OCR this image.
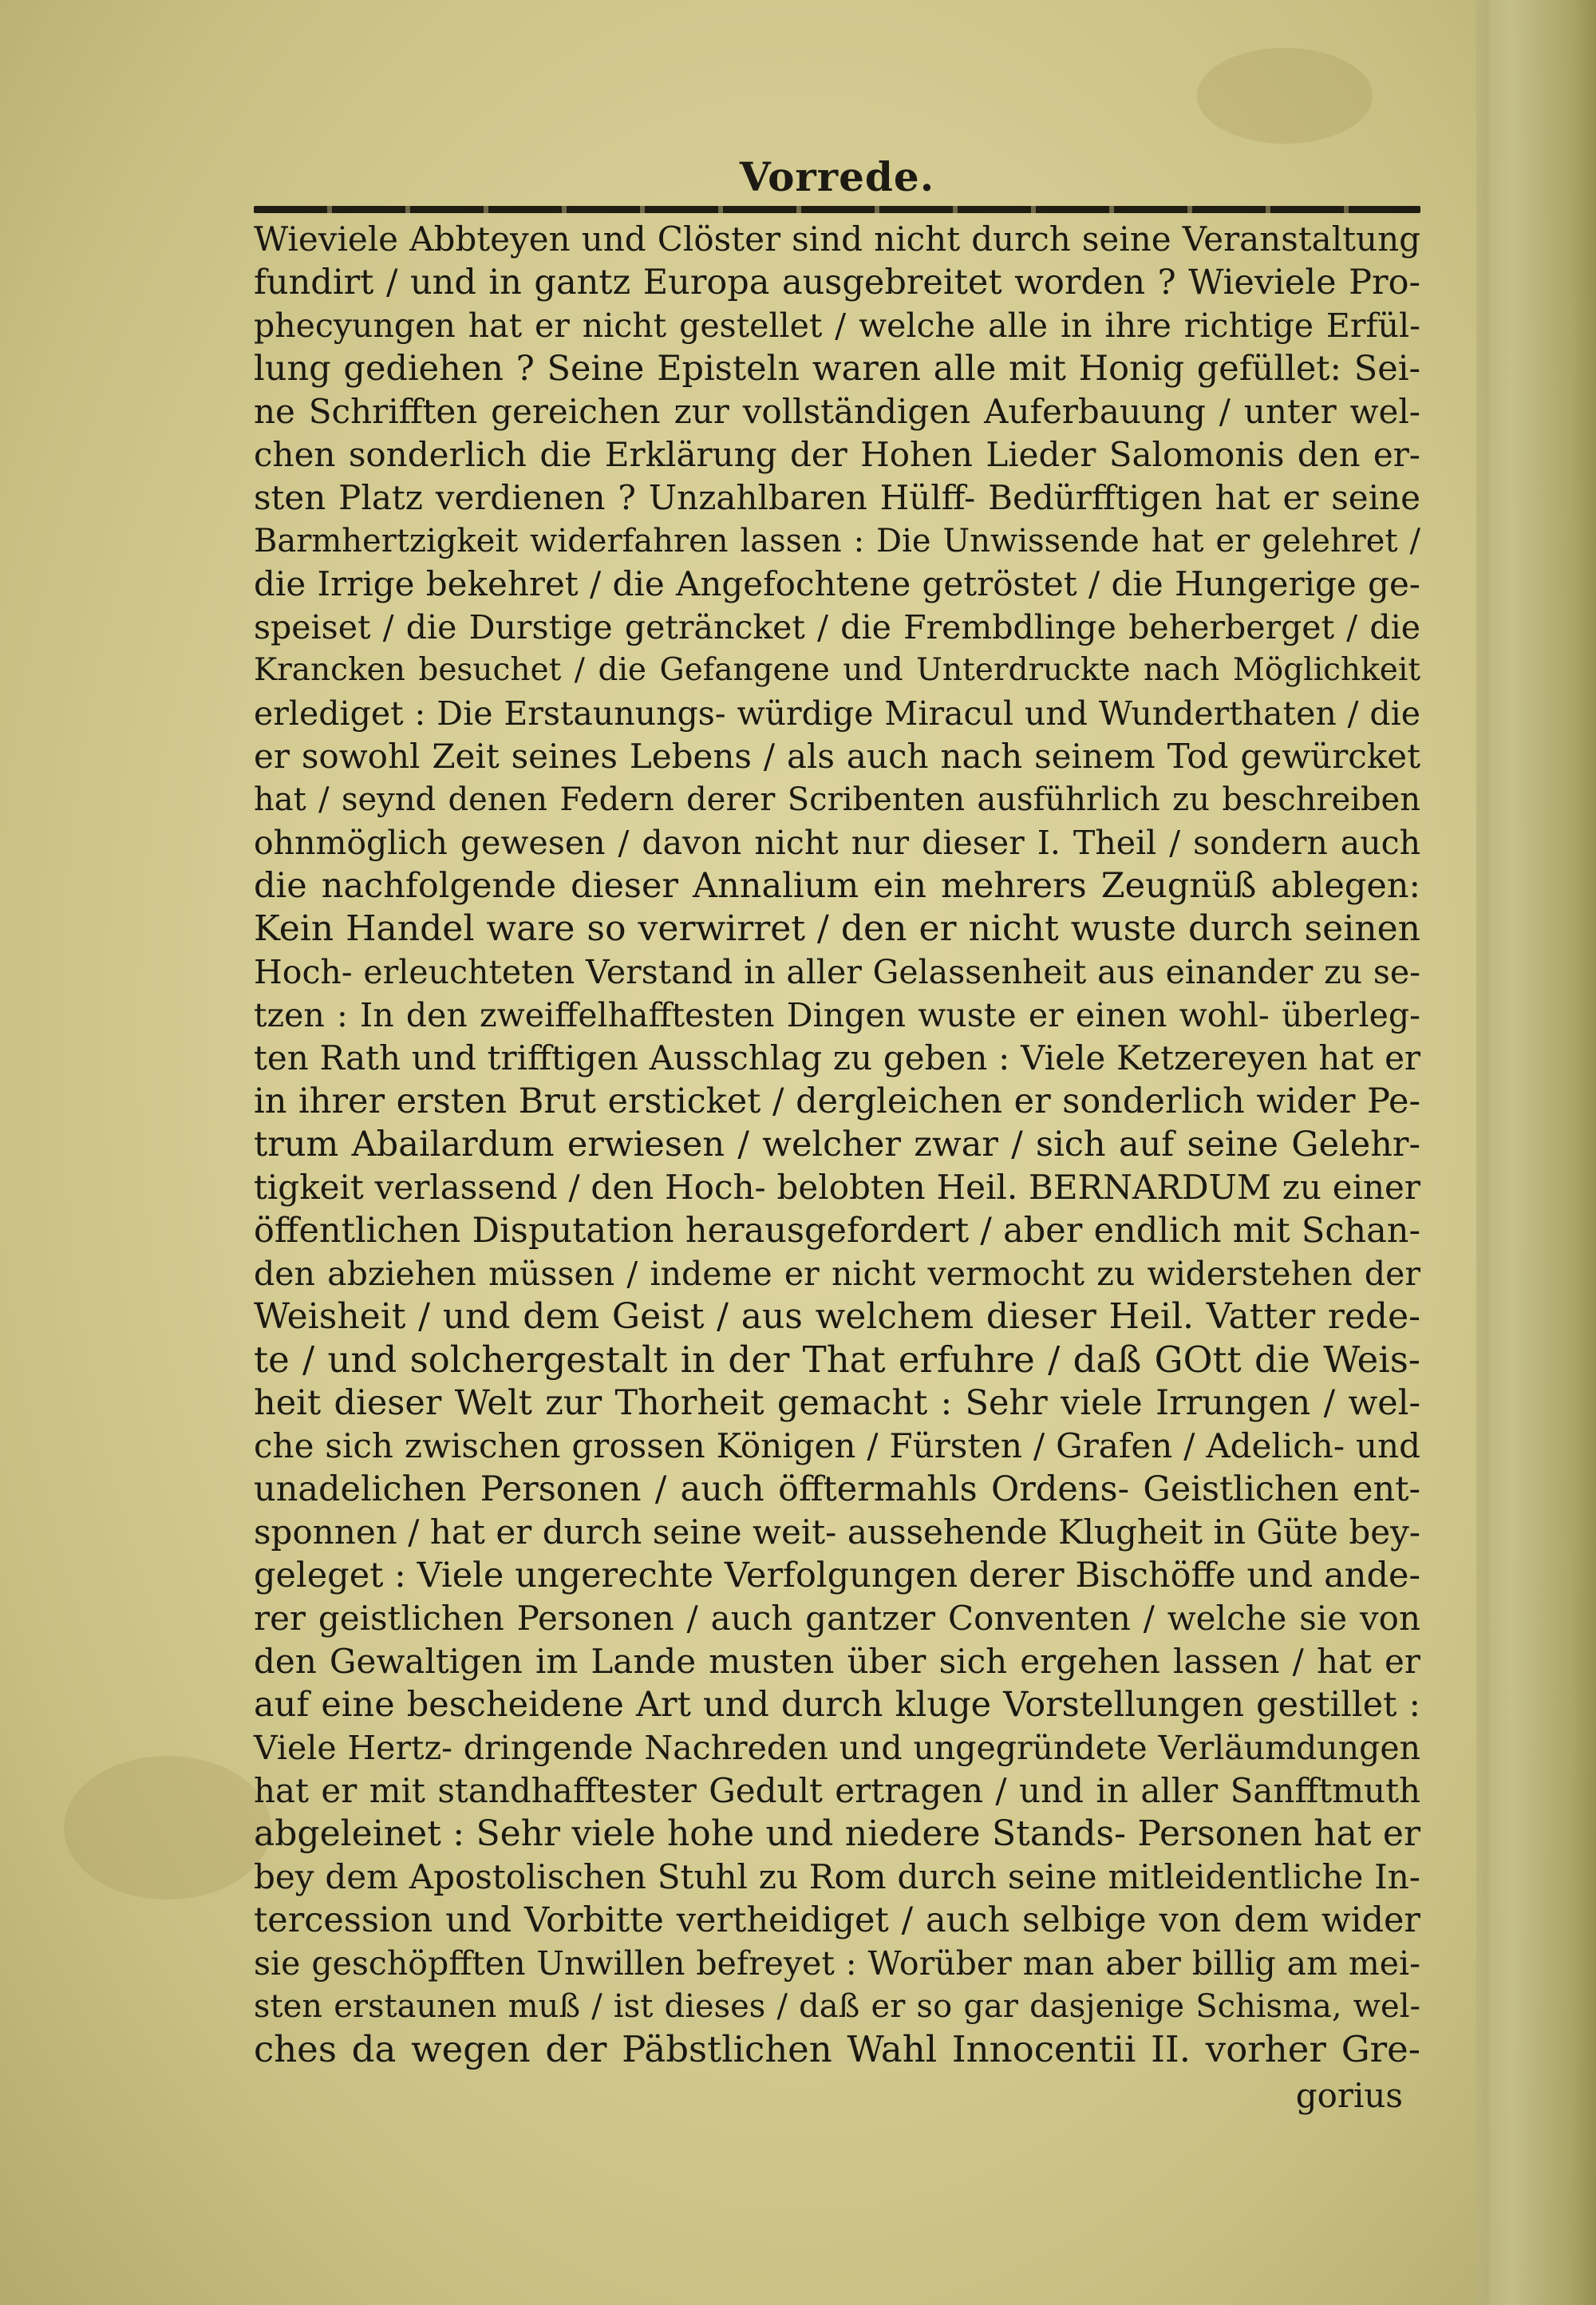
Vorrede.
Wieviele Abbteyen und Clöster sind nicht durch seine Veranstaltung
fundirt / und in gantz Europa ausgebreitet worden ? Wieviele Pro-
phecyungen hat er nicht gestellet / welche alle in ihre richtige Erfül-
lung gediehen ? Seine Episteln waren alle mit Honig gefüllet: Sei-
ne Schrifften gereichen zur vollständigen Auferbauung / unter wel-
chen sonderlich die Erklärung der Hohen Lieder Salomonis den er-
sten Platz verdienen ? Unzahlbaren Hülff- Bedürfftigen hat er seine
Barmhertzigkeit widerfahren lassen : Die Unwissende hat er gelehret /
die Irrige bekehret / die Angefochtene getröstet / die Hungerige ge-
speiset / die Durstige geträncket / die Frembdlinge beherberget / die
Krancken besuchet / die Gefangene und Unterdruckte nach Möglichkeit
erlediget : Die Erstaunungs- würdige Miracul und Wunderthaten / die
er sowohl Zeit seines Lebens / als auch nach seinem Tod gewürcket
hat / seynd denen Federn derer Scribenten ausführlich zu beschreiben
ohnmöglich gewesen / davon nicht nur dieser I. Theil / sondern auch
die nachfolgende dieser Annalium ein mehrers Zeugnüß ablegen:
Kein Handel ware so verwirret / den er nicht wuste durch seinen
Hoch- erleuchteten Verstand in aller Gelassenheit aus einander zu se-
tzen : In den zweiffelhafftesten Dingen wuste er einen wohl- überleg-
ten Rath und trifftigen Ausschlag zu geben : Viele Ketzereyen hat er
in ihrer ersten Brut ersticket / dergleichen er sonderlich wider Pe-
trum Abailardum erwiesen / welcher zwar / sich auf seine Gelehr-
tigkeit verlassend / den Hoch- belobten Heil. BERNARDUM zu einer
öffentlichen Disputation herausgefordert / aber endlich mit Schan-
den abziehen müssen / indeme er nicht vermocht zu widerstehen der
Weisheit / und dem Geist / aus welchem dieser Heil. Vatter rede-
te / und solchergestalt in der That erfuhre / daß GOtt die Weis-
heit dieser Welt zur Thorheit gemacht : Sehr viele Irrungen / wel-
che sich zwischen grossen Königen / Fürsten / Grafen / Adelich- und
unadelichen Personen / auch öfftermahls Ordens- Geistlichen ent-
sponnen / hat er durch seine weit- aussehende Klugheit in Güte bey-
geleget : Viele ungerechte Verfolgungen derer Bischöffe und ande-
rer geistlichen Personen / auch gantzer Conventen / welche sie von
den Gewaltigen im Lande musten über sich ergehen lassen / hat er
auf eine bescheidene Art und durch kluge Vorstellungen gestillet :
Viele Hertz- dringende Nachreden und ungegründete Verläumdungen
hat er mit standhafftester Gedult ertragen / und in aller Sanfftmuth
abgeleinet : Sehr viele hohe und niedere Stands- Personen hat er
bey dem Apostolischen Stuhl zu Rom durch seine mitleidentliche In-
tercession und Vorbitte vertheidiget / auch selbige von dem wider
sie geschöpfften Unwillen befreyet : Worüber man aber billig am mei-
sten erstaunen muß / ist dieses / daß er so gar dasjenige Schisma, wel-
ches da wegen der Päbstlichen Wahl Innocentii II. vorher Gre-
gorius
